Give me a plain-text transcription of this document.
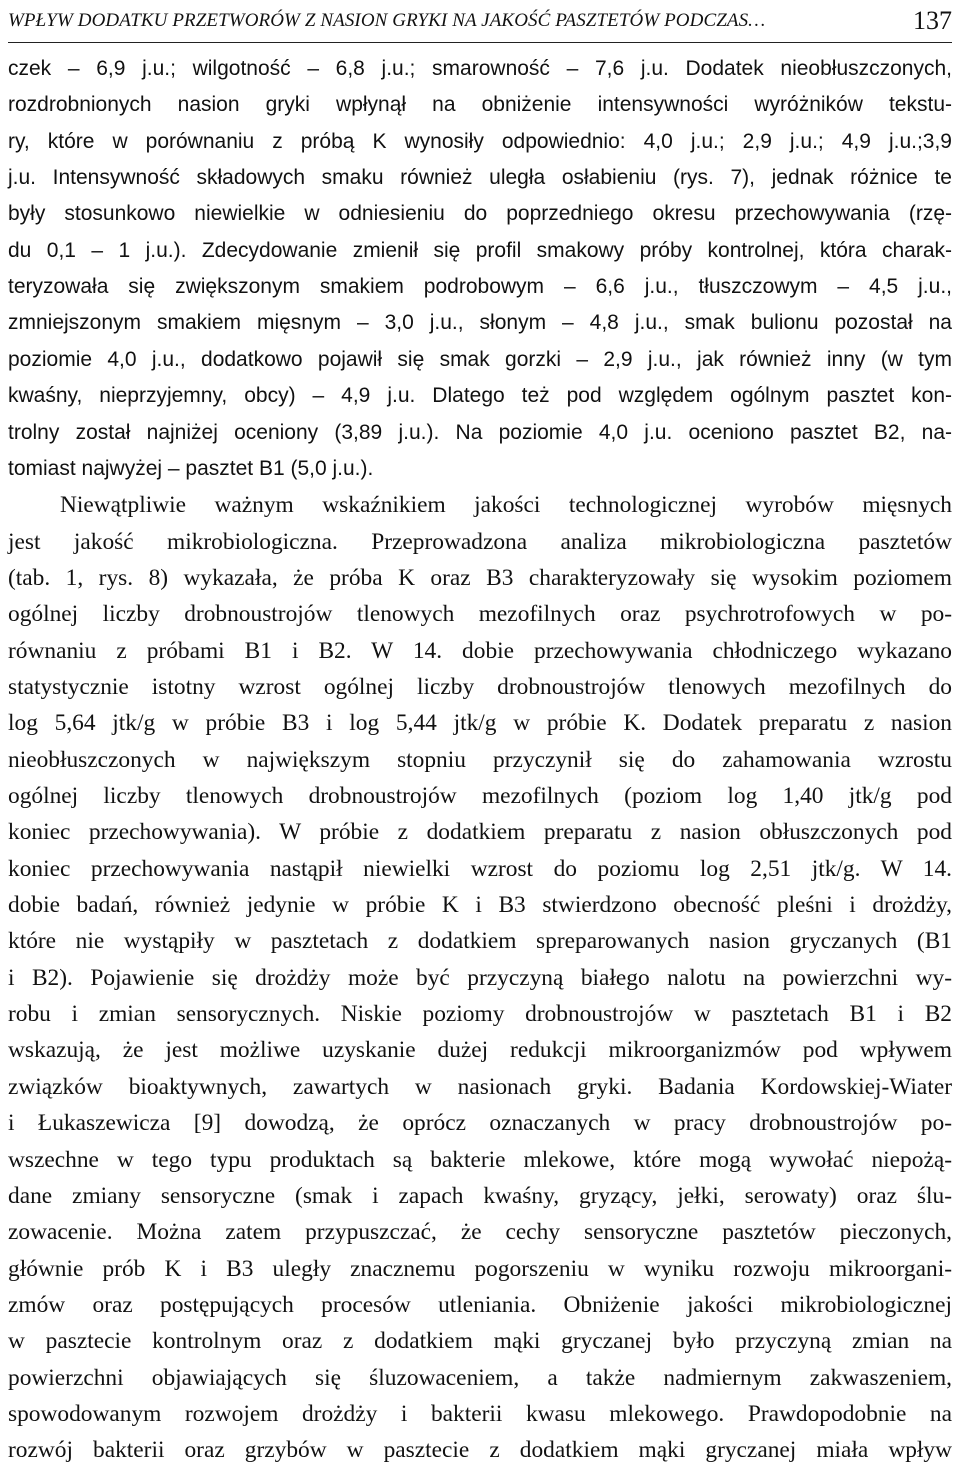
WPŁYW DODATKU PRZETWORÓW Z NASION GRYKI NA JAKOŚĆ PASZTETÓW PODCZAS…	137
czek – 6,9 j.u.; wilgotność – 6,8 j.u.; smarowność – 7,6 j.u. Dodatek nieobłuszczonych,
rozdrobnionych nasion gryki wpłynął na obniżenie intensywności wyróżników tekstu-
ry, które w porównaniu z próbą K wynosiły odpowiednio: 4,0 j.u.; 2,9 j.u.; 4,9 j.u.;3,9
j.u. Intensywność składowych smaku również uległa osłabieniu (rys. 7), jednak różnice te
były stosunkowo niewielkie w odniesieniu do poprzedniego okresu przechowywania (rzę-
du 0,1 – 1 j.u.). Zdecydowanie zmienił się profil smakowy próby kontrolnej, która charak-
teryzowała się zwiększonym smakiem podrobowym – 6,6 j.u., tłuszczowym – 4,5 j.u.,
zmniejszonym smakiem mięsnym – 3,0 j.u., słonym – 4,8 j.u., smak bulionu pozostał na
poziomie 4,0 j.u., dodatkowo pojawił się smak gorzki – 2,9 j.u., jak również inny (w tym
kwaśny, nieprzyjemny, obcy) – 4,9 j.u. Dlatego też pod względem ogólnym pasztet kon-
trolny został najniżej oceniony (3,89 j.u.). Na poziomie 4,0 j.u. oceniono pasztet B2, na-
tomiast najwyżej – pasztet B1 (5,0 j.u.).
Niewątpliwie ważnym wskaźnikiem jakości technologicznej wyrobów mięsnych
jest jakość mikrobiologiczna. Przeprowadzona analiza mikrobiologiczna pasztetów
(tab. 1, rys. 8) wykazała, że próba K oraz B3 charakteryzowały się wysokim poziomem
ogólnej liczby drobnoustrojów tlenowych mezofilnych oraz psychrotrofowych w po-
równaniu z próbami B1 i B2. W 14. dobie przechowywania chłodniczego wykazano
statystycznie istotny wzrost ogólnej liczby drobnoustrojów tlenowych mezofilnych do
log 5,64 jtk/g w próbie B3 i log 5,44 jtk/g w próbie K. Dodatek preparatu z nasion
nieobłuszczonych w największym stopniu przyczynił się do zahamowania wzrostu
ogólnej liczby tlenowych drobnoustrojów mezofilnych (poziom log 1,40 jtk/g pod
koniec przechowywania). W próbie z dodatkiem preparatu z nasion obłuszczonych pod
koniec przechowywania nastąpił niewielki wzrost do poziomu log 2,51 jtk/g. W 14.
dobie badań, również jedynie w próbie K i B3 stwierdzono obecność pleśni i drożdży,
które nie wystąpiły w pasztetach z dodatkiem spreparowanych nasion gryczanych (B1
i B2). Pojawienie się drożdży może być przyczyną białego nalotu na powierzchni wy-
robu i zmian sensorycznych. Niskie poziomy drobnoustrojów w pasztetach B1 i B2
wskazują, że jest możliwe uzyskanie dużej redukcji mikroorganizmów pod wpływem
związków bioaktywnych, zawartych w nasionach gryki. Badania Kordowskiej-Wiater
i Łukaszewicza [9] dowodzą, że oprócz oznaczanych w pracy drobnoustrojów po-
wszechne w tego typu produktach są bakterie mlekowe, które mogą wywołać niepożą-
dane zmiany sensoryczne (smak i zapach kwaśny, gryzący, jełki, serowaty) oraz ślu-
zowacenie. Można zatem przypuszczać, że cechy sensoryczne pasztetów pieczonych,
głównie prób K i B3 uległy znacznemu pogorszeniu w wyniku rozwoju mikroorgani-
zmów oraz postępujących procesów utleniania. Obniżenie jakości mikrobiologicznej
w pasztecie kontrolnym oraz z dodatkiem mąki gryczanej było przyczyną zmian na
powierzchni objawiających się śluzowaceniem, a także nadmiernym zakwaszeniem,
spowodowanym rozwojem drożdży i bakterii kwasu mlekowego. Prawdopodobnie na
rozwój bakterii oraz grzybów w pasztecie z dodatkiem mąki gryczanej miała wpływ
